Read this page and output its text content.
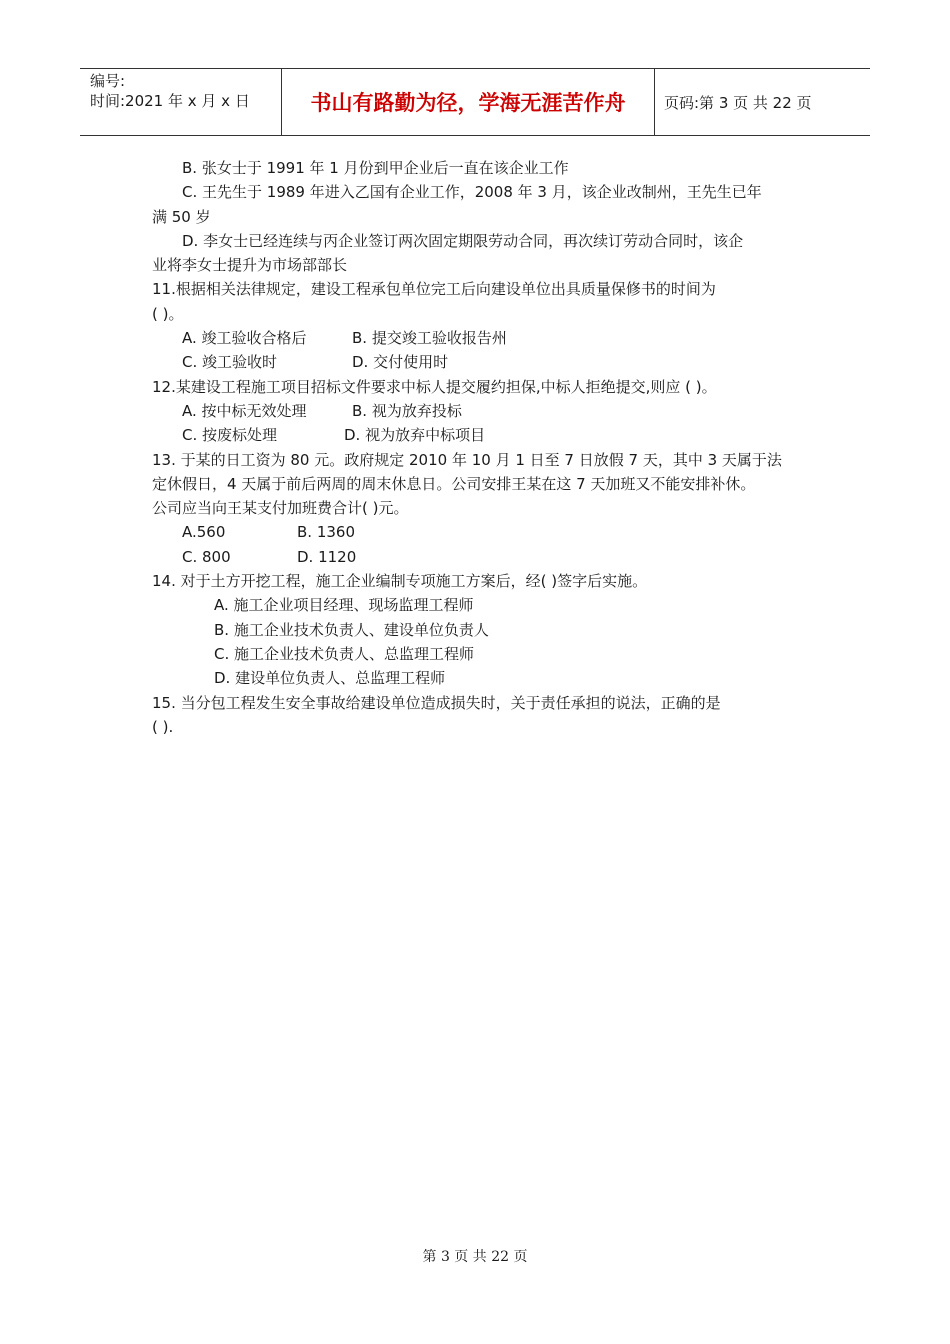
编号:
时间:2021 年 x 月 x 日	书山有路勤为径，学海无涯苦作舟	页码:第 3 页 共 22 页
B. 张女士于 1991 年 1 月份到甲企业后一直在该企业工作
C. 王先生于 1989 年进入乙国有企业工作，2008 年 3 月，该企业改制州，王先生已年
满 50 岁
D. 李女士已经连续与丙企业签订两次固定期限劳动合同，再次续订劳动合同时，该企
业将李女士提升为市场部部长
11.根据相关法律规定，建设工程承包单位完工后向建设单位出具质量保修书的时间为
( )。
A. 竣工验收合格后	B. 提交竣工验收报告州
C. 竣工验收时	D. 交付使用时
12.某建设工程施工项目招标文件要求中标人提交履约担保,中标人拒绝提交,则应 ( )。
A. 按中标无效处理	B. 视为放弃投标
C. 按废标处理	D. 视为放弃中标项目
13. 于某的日工资为 80 元。政府规定 2010 年 10 月 1 日至 7 日放假 7 天，其中 3 天属于法
定休假日，4 天属于前后两周的周末休息日。公司安排王某在这 7 天加班又不能安排补休。
公司应当向王某支付加班费合计( )元。
A.560	B. 1360
C. 800	D. 1120
14. 对于土方开挖工程，施工企业编制专项施工方案后，经( )签字后实施。
A. 施工企业项目经理、现场监理工程师
B. 施工企业技术负责人、建设单位负责人
C. 施工企业技术负责人、总监理工程师
D. 建设单位负责人、总监理工程师
15. 当分包工程发生安全事故给建设单位造成损失时，关于责任承担的说法，正确的是
( ).
第 3 页 共 22 页
